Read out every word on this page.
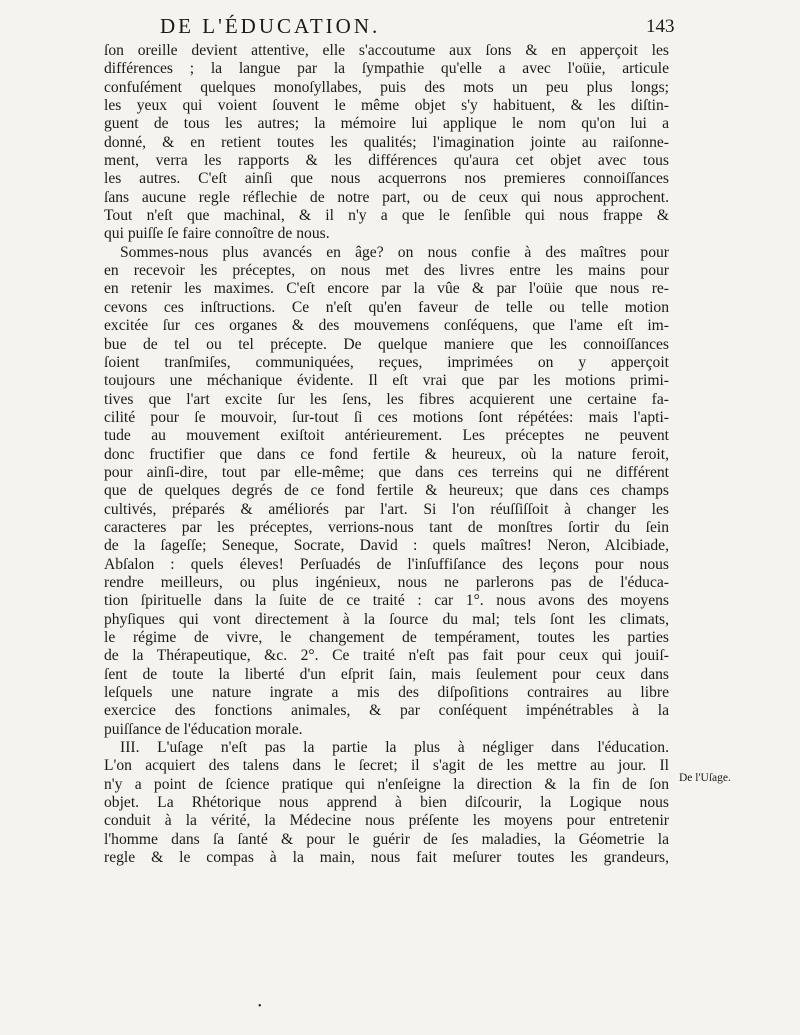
DE L'ÉDUCATION.	143
ſon oreille devient attentive, elle s'accoutume aux ſons & en apperçoit les
différences ; la langue par la ſympathie qu'elle a avec l'oüie, articule
confuſément quelques monoſyllabes, puis des mots un peu plus longs;
les yeux qui voient ſouvent le même objet s'y habituent, & les diſtin-
guent de tous les autres; la mémoire lui applique le nom qu'on lui a
donné, & en retient toutes les qualités; l'imagination jointe au raiſonne-
ment, verra les rapports & les différences qu'aura cet objet avec tous
les autres. C'eſt ainſi que nous acquerrons nos premieres connoiſſances
ſans aucune regle réflechie de notre part, ou de ceux qui nous approchent.
Tout n'eſt que machinal, & il n'y a que le ſenſible qui nous frappe &
qui puiſſe ſe faire connoître de nous.
Sommes-nous plus avancés en âge? on nous confie à des maîtres pour
en recevoir les préceptes, on nous met des livres entre les mains pour
en retenir les maximes. C'eſt encore par la vûe & par l'oüie que nous re-
cevons ces inſtructions. Ce n'eſt qu'en faveur de telle ou telle motion
excitée ſur ces organes & des mouvemens conſéquens, que l'ame eſt im-
bue de tel ou tel précepte. De quelque maniere que les connoiſſances
ſoient tranſmiſes, communiquées, reçues, imprimées on y apperçoit
toujours une méchanique évidente. Il eſt vrai que par les motions primi-
tives que l'art excite ſur les ſens, les fibres acquierent une certaine fa-
cilité pour ſe mouvoir, ſur-tout ſi ces motions ſont répétées: mais l'apti-
tude au mouvement exiſtoit antérieurement. Les préceptes ne peuvent
donc fructifier que dans ce fond fertile & heureux, où la nature feroit,
pour ainſi-dire, tout par elle-même; que dans ces terreins qui ne différent
que de quelques degrés de ce fond fertile & heureux; que dans ces champs
cultivés, préparés & améliorés par l'art. Si l'on réuſſiſſoit à changer les
caracteres par les préceptes, verrions-nous tant de monſtres ſortir du ſein
de la ſageſſe; Seneque, Socrate, David : quels maîtres! Neron, Alcibiade,
Abſalon : quels éleves! Perſuadés de l'inſuffiſance des leçons pour nous
rendre meilleurs, ou plus ingénieux, nous ne parlerons pas de l'éduca-
tion ſpirituelle dans la ſuite de ce traité : car 1°. nous avons des moyens
phyſiques qui vont directement à la ſource du mal; tels ſont les climats,
le régime de vivre, le changement de tempérament, toutes les parties
de la Thérapeutique, &c. 2°. Ce traité n'eſt pas fait pour ceux qui jouiſ-
ſent de toute la liberté d'un eſprit ſain, mais ſeulement pour ceux dans
leſquels une nature ingrate a mis des diſpoſitions contraires au libre
exercice des fonctions animales, & par conſéquent impénétrables à la
puiſſance de l'éducation morale.
III. L'uſage n'eſt pas la partie la plus à négliger dans l'éducation.
L'on acquiert des talens dans le ſecret; il s'agit de les mettre au jour. Il
n'y a point de ſcience pratique qui n'enſeigne la direction & la fin de ſon
objet. La Rhétorique nous apprend à bien diſcourir, la Logique nous
conduit à la vérité, la Médecine nous préſente les moyens pour entretenir
l'homme dans ſa ſanté & pour le guérir de ſes maladies, la Géometrie la
regle & le compas à la main, nous fait meſurer toutes les grandeurs,
De l'Uſage.
•
